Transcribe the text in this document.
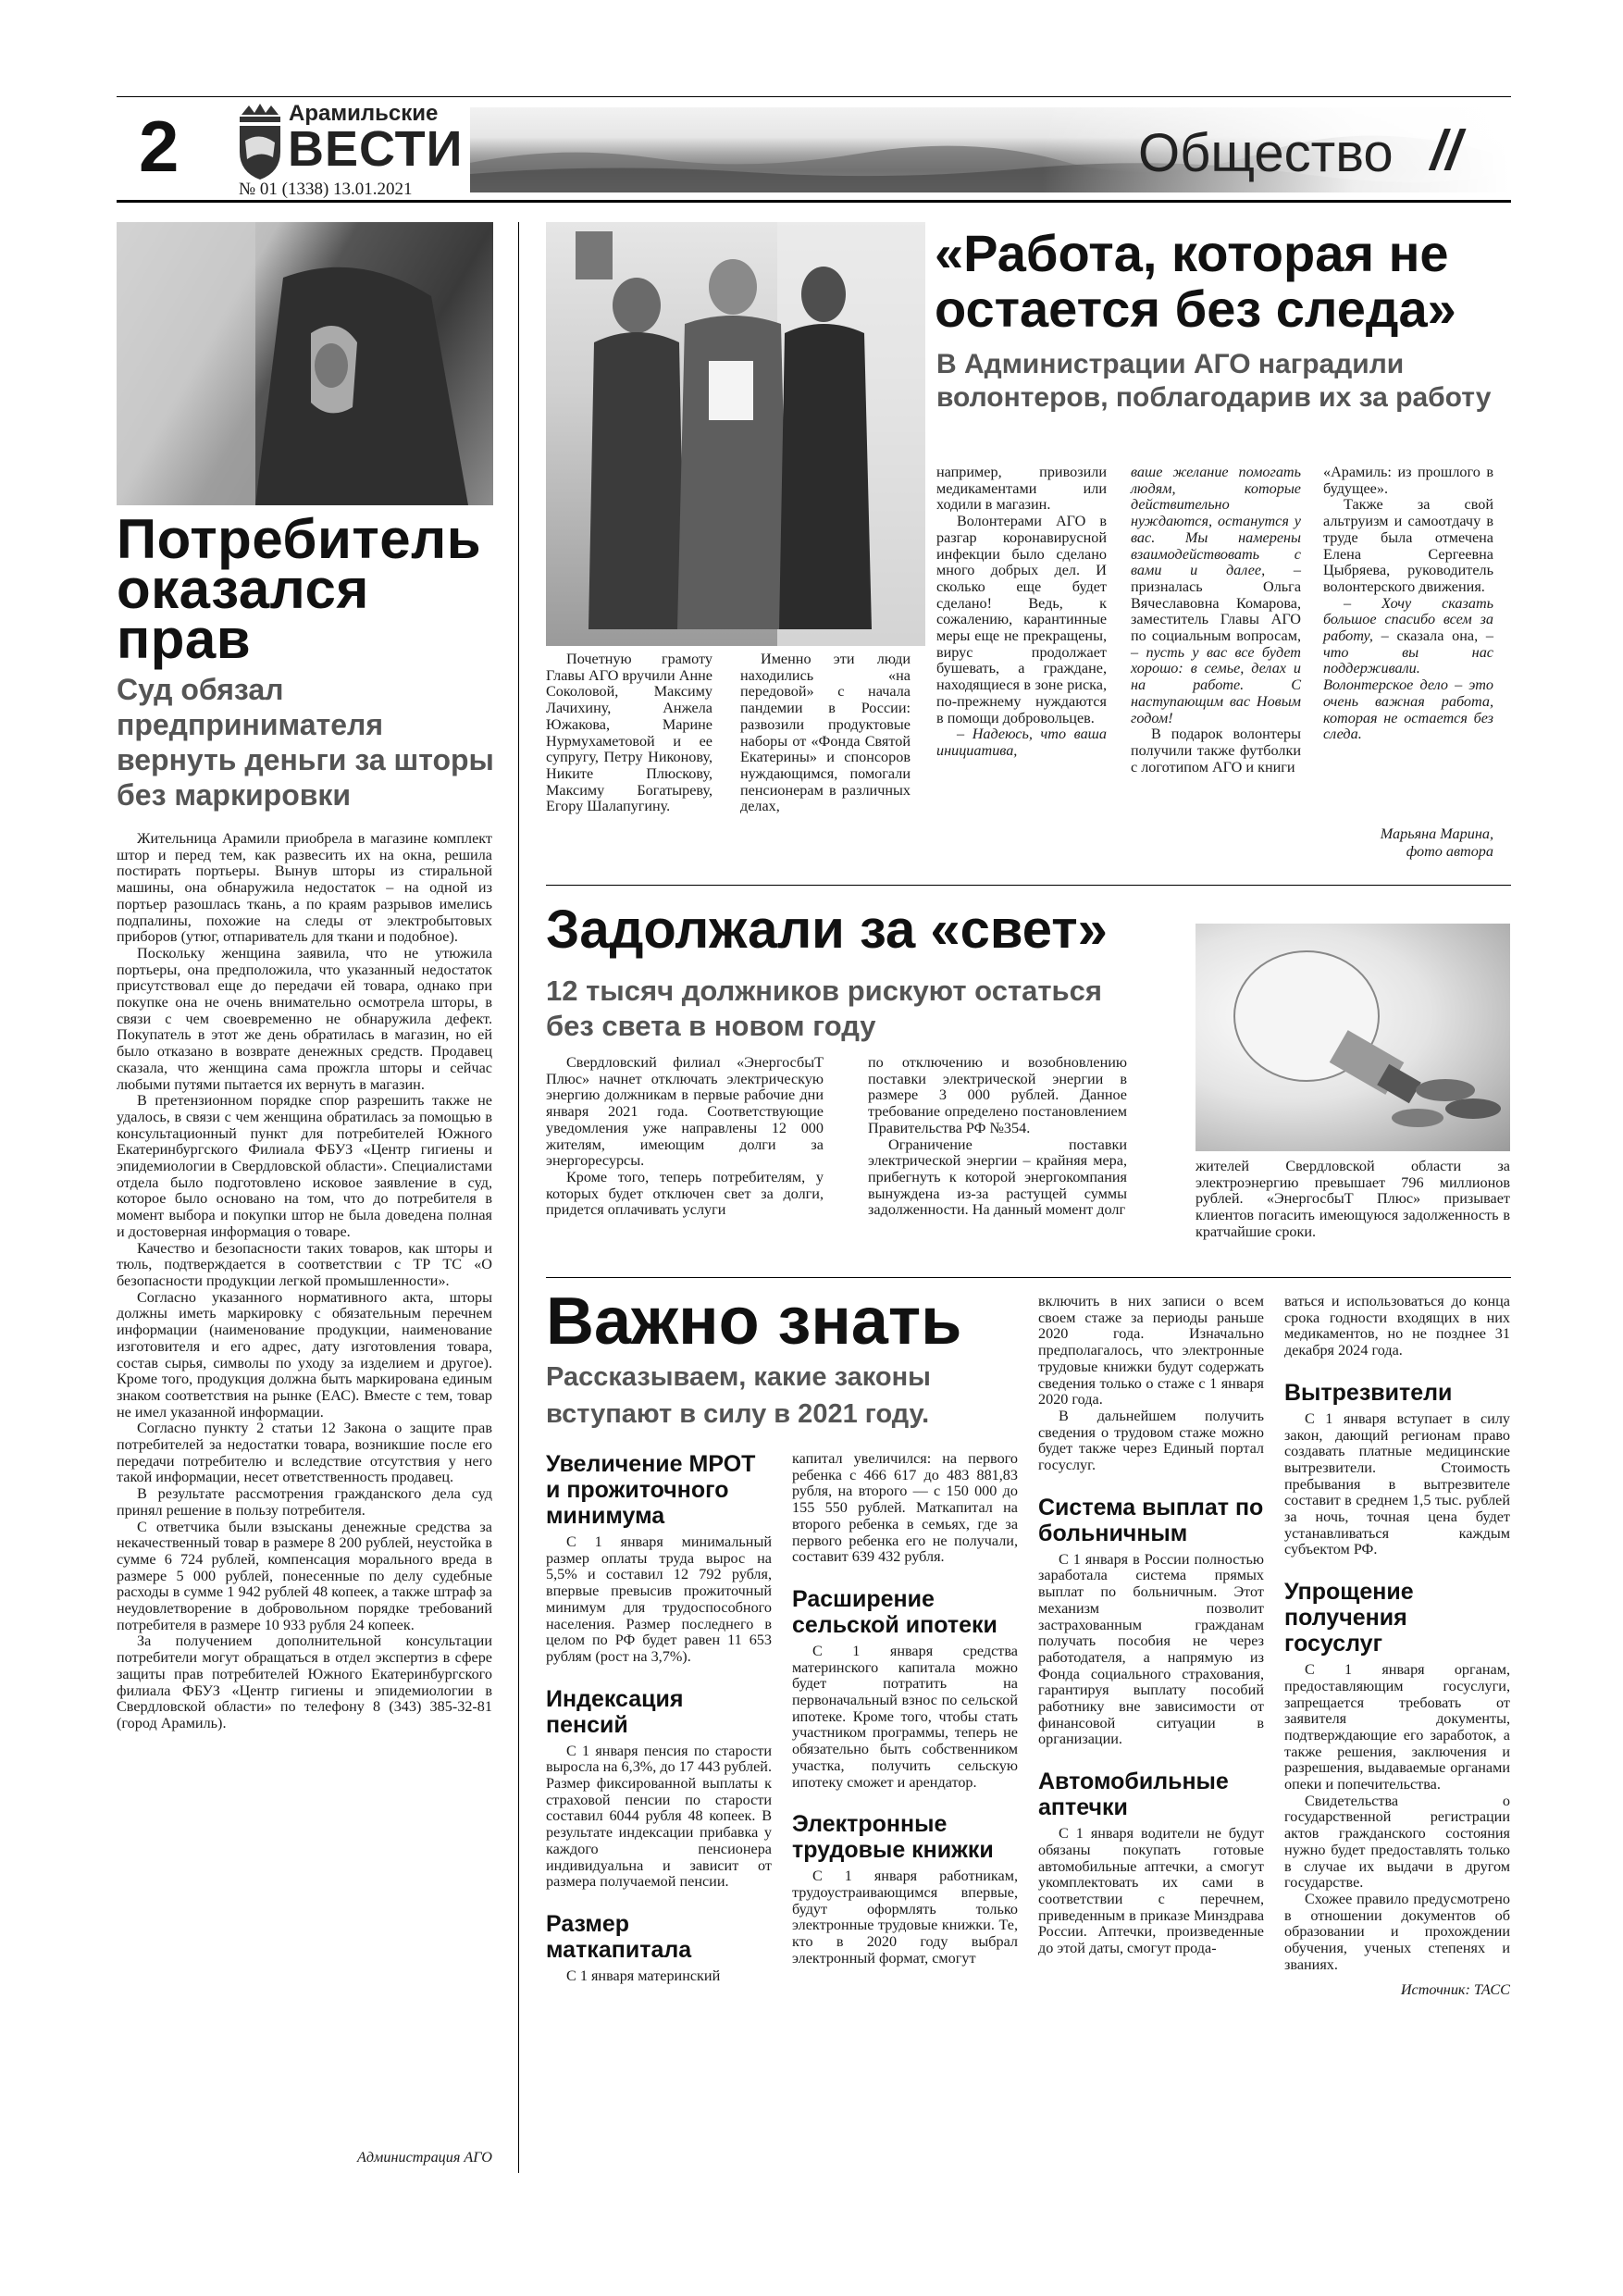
2	Арамильские
ВЕСТИ
№ 01 (1338) 13.01.2021
Общество //
Потребитель оказался прав
Суд обязал предпринимателя вернуть деньги за шторы без маркировки

Жительница Арамили приобрела в магазине комплект штор и перед тем, как развесить их на окна, решила постирать портьеры. Вынув шторы из стиральной машины, она обнаружила недостаток – на одной из портьер разошлась ткань, а по краям разрывов имелись подпалины, похожие на следы от электробытовых приборов (утюг, отпариватель для ткани и подобное).

Поскольку женщина заявила, что не утюжила портьеры, она предположила, что указанный недостаток присутствовал еще до передачи ей товара, однако при покупке она не очень внимательно осмотрела шторы, в связи с чем своевременно не обнаружила дефект. Покупатель в этот же день обратилась в магазин, но ей было отказано в возврате денежных средств. Продавец сказала, что женщина сама прожгла шторы и сейчас любыми путями пытается их вернуть в магазин.

В претензионном порядке спор разрешить также не удалось, в связи с чем женщина обратилась за помощью в консультационный пункт для потребителей Южного Екатеринбургского Филиала ФБУЗ «Центр гигиены и эпидемиологии в Свердловской области». Специалистами отдела было подготовлено исковое заявление в суд, которое было основано на том, что до потребителя в момент выбора и покупки штор не была доведена полная и достоверная информация о товаре.

Качество и безопасности таких товаров, как шторы и тюль, подтверждается в соответствии с ТР ТС «О безопасности продукции легкой промышленности».

Согласно указанного нормативного акта, шторы должны иметь маркировку с обязательным перечнем информации (наименование продукции, наименование изготовителя и его адрес, дату изготовления товара, состав сырья, символы по уходу за изделием и другое). Кроме того, продукция должна быть маркирована единым знаком соответствия на рынке (ЕАС). Вместе с тем, товар не имел указанной информации.

Согласно пункту 2 статьи 12 Закона о защите прав потребителей за недостатки товара, возникшие после его передачи потребителю и вследствие отсутствия у него такой информации, несет ответственность продавец.

В результате рассмотрения гражданского дела суд принял решение в пользу потребителя.

С ответчика были взысканы денежные средства за некачественный товар в размере 8 200 рублей, неустойка в сумме 6 724 рублей, компенсация морального вреда в размере 5 000 рублей, понесенные по делу судебные расходы в сумме 1 942 рублей 48 копеек, а также штраф за неудовлетворение в добровольном порядке требований потребителя в размере 10 933 рубля 24 копеек.

За получением дополнительной консультации потребители могут обращаться в отдел экспертиз в сфере защиты прав потребителей Южного Екатеринбургского филиала ФБУЗ «Центр гигиены и эпидемиологии в Свердловской области» по телефону 8 (343) 385-32-81 (город Арамиль).

Администрация АГО
«Работа, которая не остается без следа»
В Администрации АГО наградили волонтеров, поблагодарив их за работу

Почетную грамоту Главы АГО вручили Анне Соколовой, Максиму Лачихину, Анжела Южакова, Марине Нурмухаметовой и ее супругу, Петру Никонову, Никите Плюскову, Максиму Богатыреву, Егору Шалапугину.

Именно эти люди находились «на передовой» с начала пандемии в России: развозили продуктовые наборы от «Фонда Святой Екатерины» и спонсоров нуждающимся, помогали пенсионерам в различных делах,

например, привозили медикаментами или ходили в магазин.

Волонтерами АГО в разгар коронавирусной инфекции было сделано много добрых дел. И сколько еще будет сделано! Ведь, к сожалению, карантинные меры еще не прекращены, вирус продолжает бушевать, а граждане, находящиеся в зоне риска, по-прежнему нуждаются в помощи добровольцев.

– Надеюсь, что ваша инициатива,

ваше желание помогать людям, которые действительно нуждаются, останутся у вас. Мы намерены взаимодействовать с вами и далее, – призналась Ольга Вячеславовна Комарова, заместитель Главы АГО по социальным вопросам, – пусть у вас все будет хорошо: в семье, делах и на работе. С наступающим вас Новым годом!

В подарок волонтеры получили также футболки с логотипом АГО и книги

«Арамиль: из прошлого в будущее».

Также за свой альтруизм и самоотдачу в труде была отмечена Елена Сергеевна Цыбряева, руководитель волонтерского движения.

– Хочу сказать большое спасибо всем за работу, – сказала она, – что вы нас поддерживали. Волонтерское дело – это очень важная работа, которая не остается без следа.

Марьяна Марина,
фото автора
Задолжали за «свет»
12 тысяч должников рискуют остаться без света в новом году

Свердловский филиал «ЭнергосбыТ Плюс» начнет отключать электрическую энергию должникам в первые рабочие дни января 2021 года. Соответствующие уведомления уже направлены 12 000 жителям, имеющим долги за энергоресурсы.

Кроме того, теперь потребителям, у которых будет отключен свет за долги, придется оплачивать услуги

по отключению и возобновлению поставки электрической энергии в размере 3 000 рублей. Данное требование определено постановлением Правительства РФ №354.

Ограничение поставки электрической энергии – крайняя мера, прибегнуть к которой энергокомпания вынуждена из-за растущей суммы задолженности. На данный момент долг

жителей Свердловской области за электроэнергию превышает 796 миллионов рублей. «ЭнергосбыТ Плюс» призывает клиентов погасить имеющуюся задолженность в кратчайшие сроки.

Важно знать
Рассказываем, какие законы вступают в силу в 2021 году.
Увеличение МРОТ и прожиточного минимума

С 1 января минимальный размер оплаты труда вырос на 5,5% и составил 12 792 рубля, впервые превысив прожиточный минимум для трудоспособного населения. Размер последнего в целом по РФ будет равен 11 653 рублям (рост на 3,7%).

Индексация пенсий

С 1 января пенсия по старости выросла на 6,3%, до 17 443 рублей. Размер фиксированной выплаты к страховой пенсии по старости составил 6044 рубля 48 копеек. В результате индексации прибавка у каждого пенсионера индивидуальна и зависит от размера получаемой пенсии.

Размер маткапитала

С 1 января материнский

капитал увеличился: на первого ребенка с 466 617 до 483 881,83 рубля, на второго — с 150 000 до 155 550 рублей. Маткапитал на второго ребенка в семьях, где за первого ребенка его не получали, составит 639 432 рубля.

Расширение сельской ипотеки

С 1 января средства материнского капитала можно будет потратить на первоначальный взнос по сельской ипотеке. Кроме того, чтобы стать участником программы, теперь не обязательно быть собственником участка, получить сельскую ипотеку сможет и арендатор.

Электронные трудовые книжки

С 1 января работникам, трудоустраивающимся впервые, будут оформлять только электронные трудовые книжки. Те, кто в 2020 году выбрал электронный формат, смогут

включить в них записи о всем своем стаже за периоды раньше 2020 года. Изначально предполагалось, что электронные трудовые книжки будут содержать сведения только о стаже с 1 января 2020 года.

В дальнейшем получить сведения о трудовом стаже можно будет также через Единый портал госуслуг.

Система выплат по больничным

С 1 января в России полностью заработала система прямых выплат по больничным. Этот механизм позволит застрахованным гражданам получать пособия не через работодателя, а напрямую из Фонда социального страхования, гарантируя выплату пособий работнику вне зависимости от финансовой ситуации в организации.

Автомобильные аптечки

С 1 января водители не будут обязаны покупать готовые автомобильные аптечки, а смогут укомплектовать их сами в соответствии с перечнем, приведенным в приказе Минздрава России. Аптечки, произведенные до этой даты, смогут прода-

ваться и использоваться до конца срока годности входящих в них медикаментов, но не позднее 31 декабря 2024 года.

Вытрезвители

С 1 января вступает в силу закон, дающий регионам право создавать платные медицинские вытрезвители. Стоимость пребывания в вытрезвителе составит в среднем 1,5 тыс. рублей за ночь, точная цена будет устанавливаться каждым субъектом РФ.

Упрощение получения госуслуг

С 1 января органам, предоставляющим госуслуги, запрещается требовать от заявителя документы, подтверждающие его заработок, а также решения, заключения и разрешения, выдаваемые органами опеки и попечительства.

Свидетельства о государственной регистрации актов гражданского состояния нужно будет предоставлять только в случае их выдачи в другом государстве.

Схожее правило предусмотрено в отношении документов об образовании и прохождении обучения, ученых степенях и званиях.

Источник: ТАСС
